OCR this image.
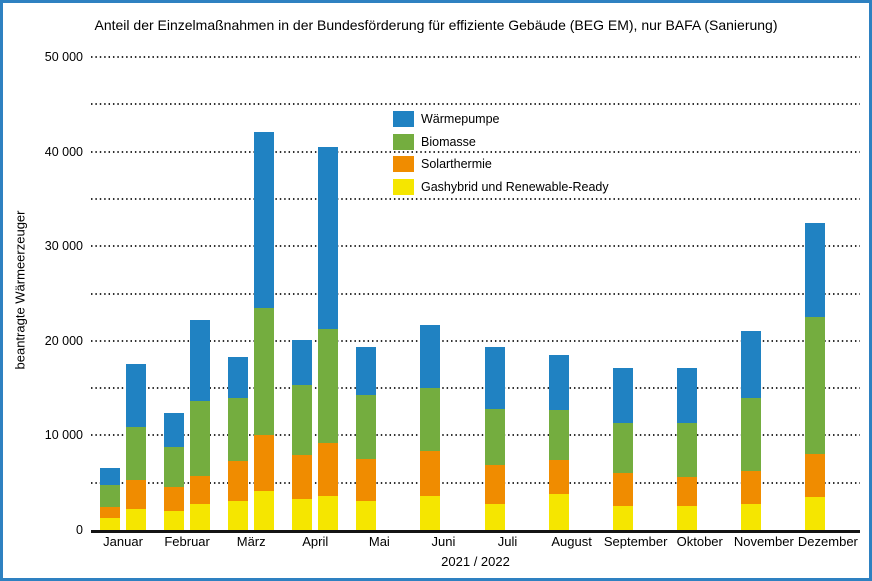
Anteil der Einzelmaßnahmen in der Bundesförderung für effiziente Gebäude (BEG EM), nur BAFA (Sanierung)
beantragte Wärmeerzeuger
0
10 000
20 000
30 000
40 000
50 000
Januar	Februar	März	April	Mai	Juni	Juli	August September Oktober November Dezember
2021 / 2022
Wärmepumpe
Biomasse
Solarthermie
Gashybrid und Renewable-Ready
